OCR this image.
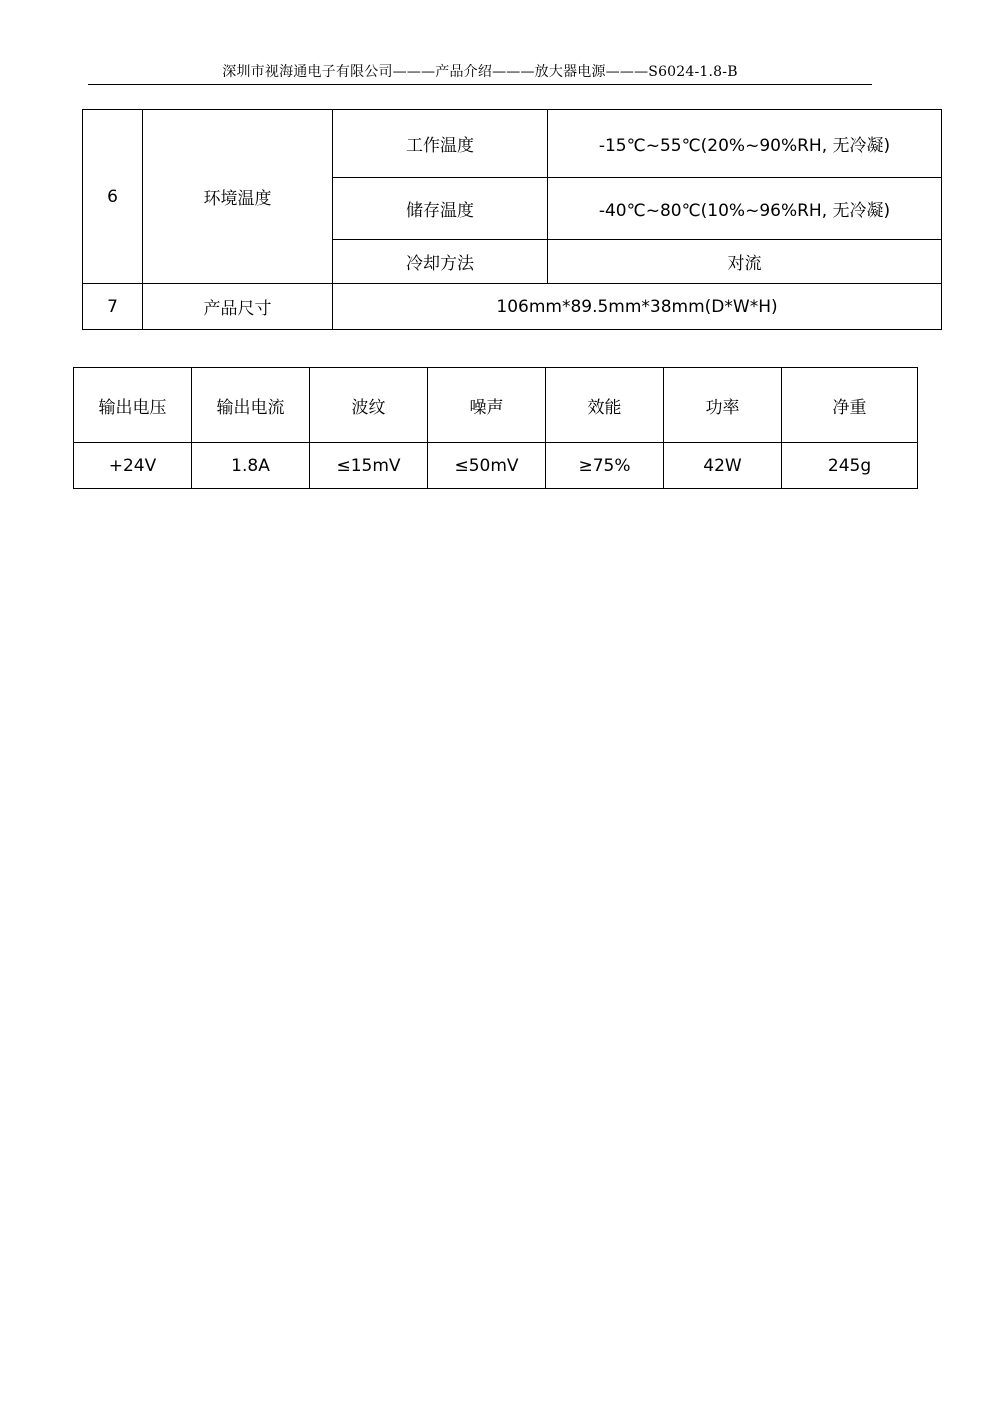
深圳市视海通电子有限公司———产品介绍———放大器电源———S6024-1.8-B
6	环境温度	工作温度	-15℃~55℃(20%~90%RH, 无冷凝)
		储存温度	-40℃~80℃(10%~96%RH, 无冷凝)
		冷却方法	对流
7	产品尺寸	106mm*89.5mm*38mm(D*W*H)	
输出电压	输出电流	波纹	噪声	效能	功率	净重
+24V	1.8A	≤15mV	≤50mV	≥75%	42W	245g
